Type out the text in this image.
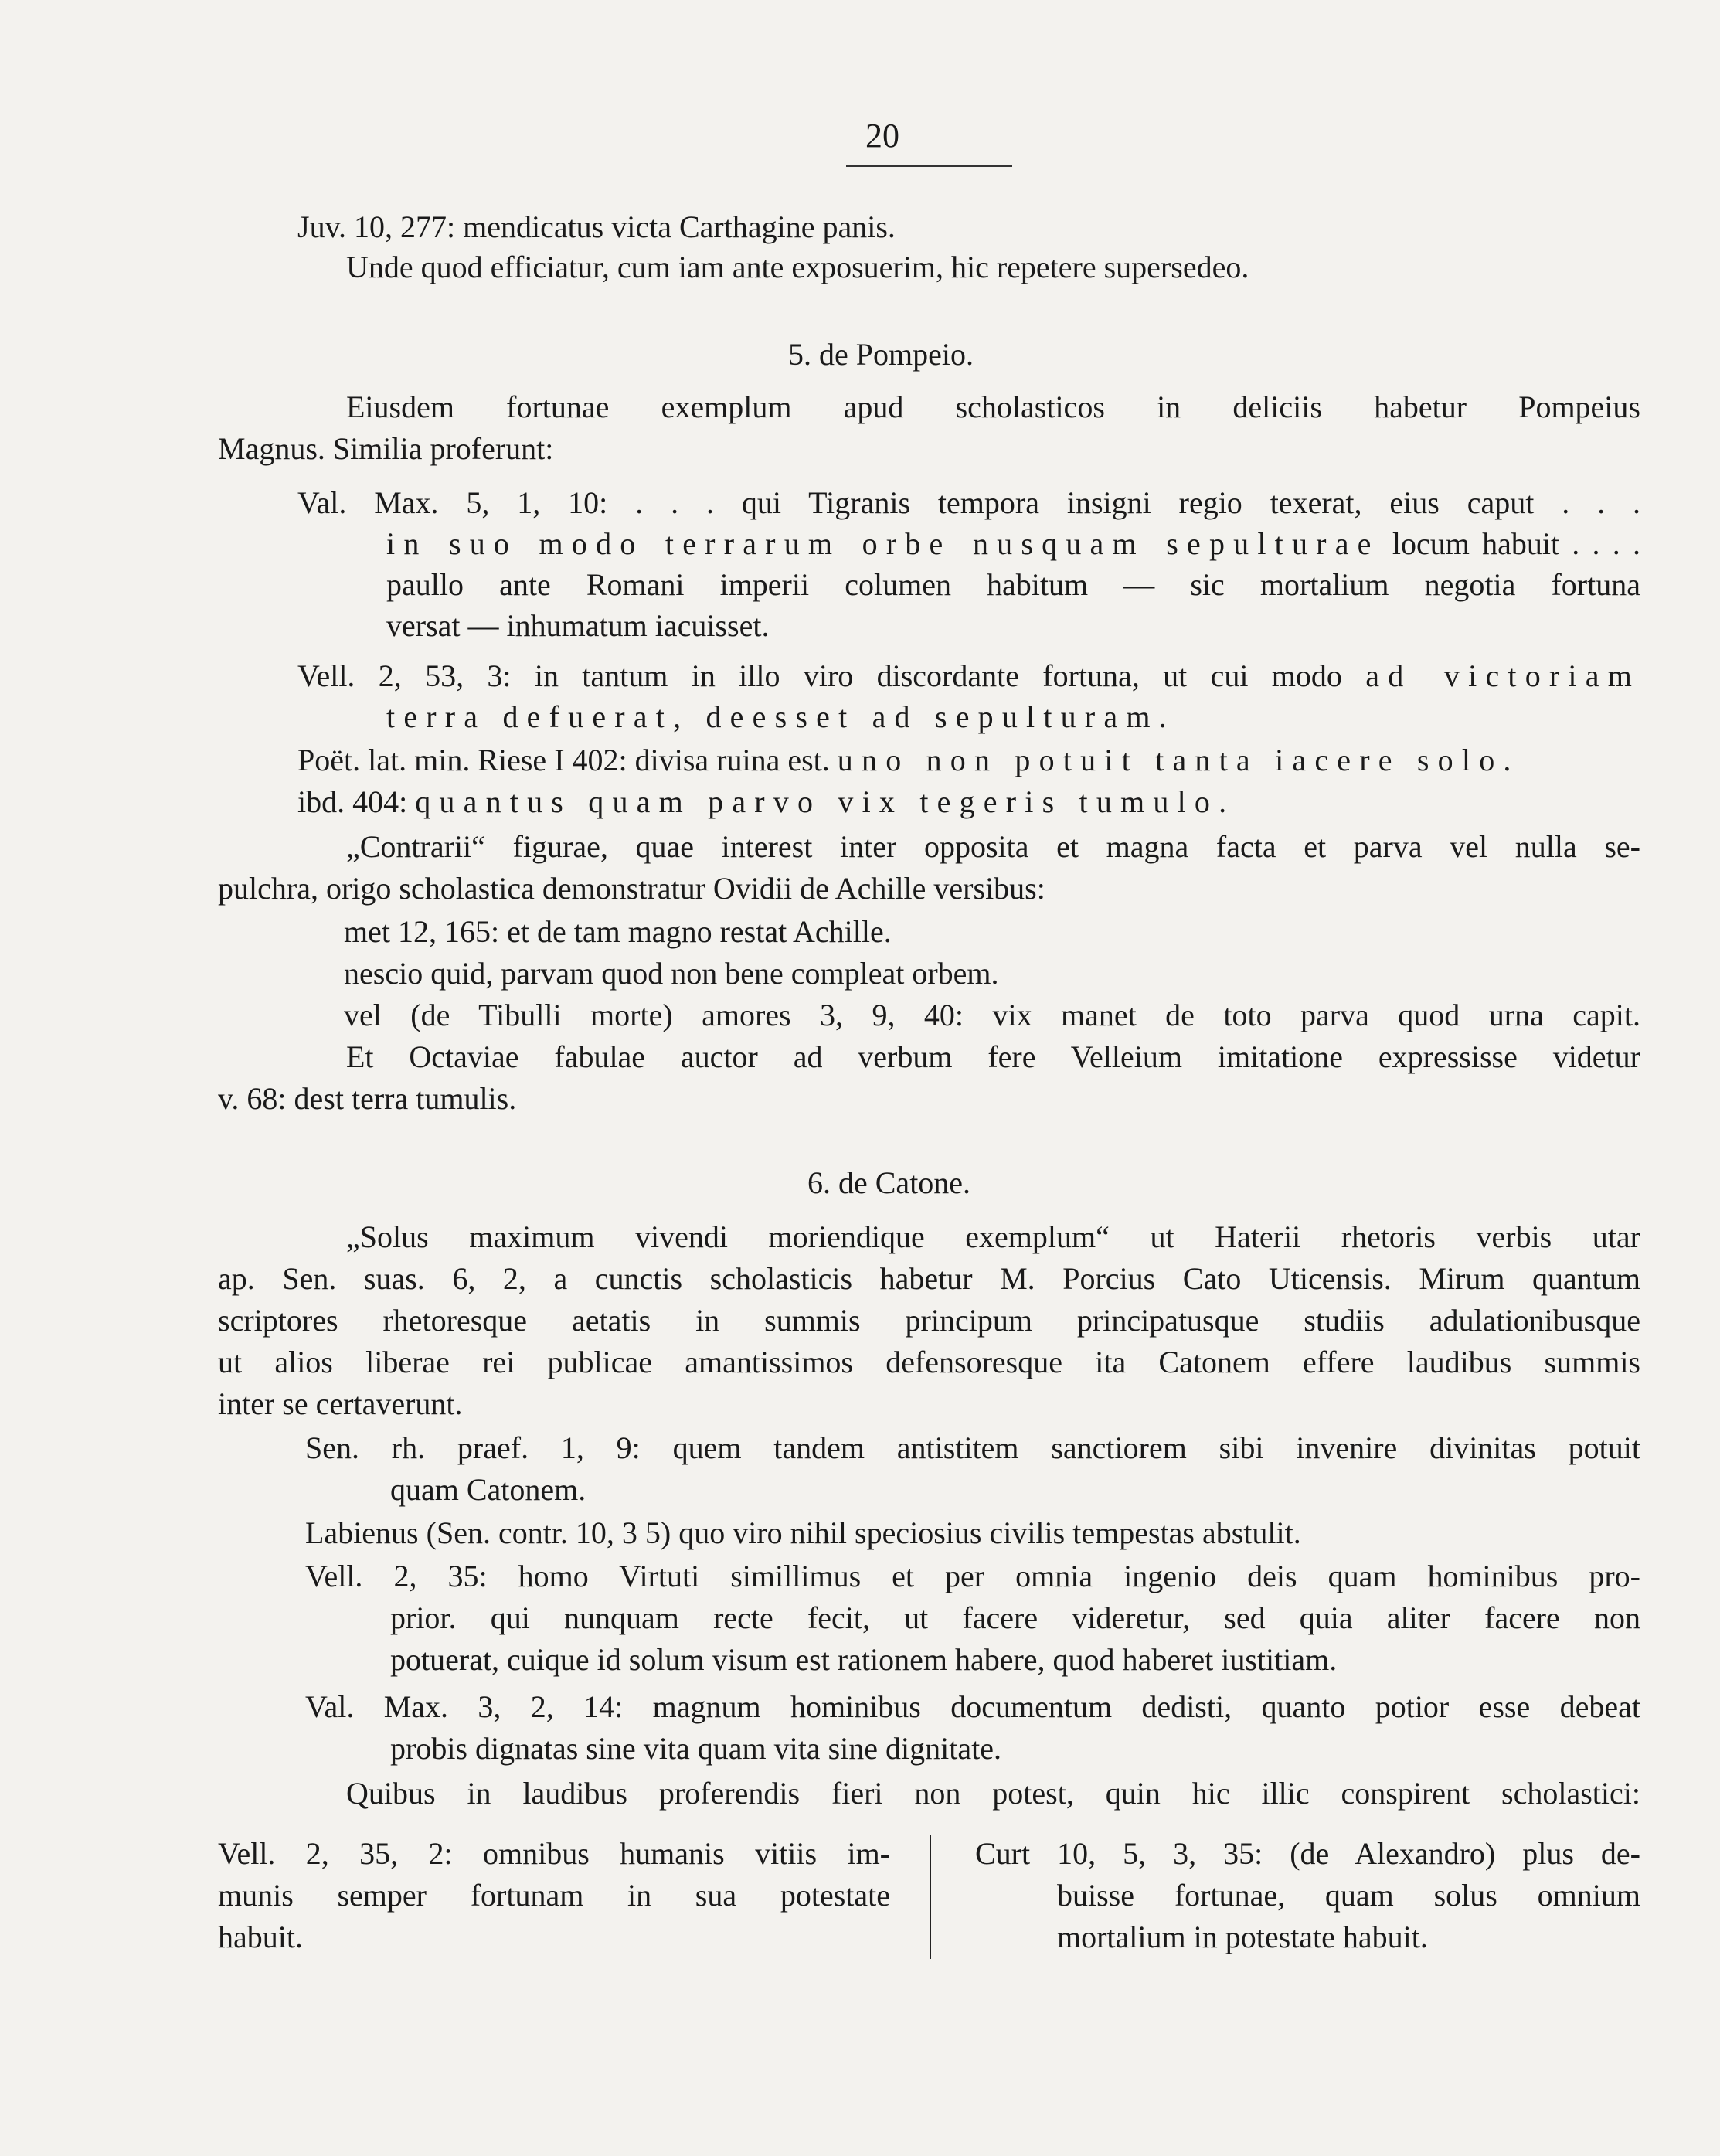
20
Juv. 10, 277: mendicatus victa Carthagine panis.
Unde quod efficiatur, cum iam ante exposuerim, hic repetere supersedeo.
5. de Pompeio.
Eiusdem fortunae exemplum apud scholasticos in deliciis habetur Pompeius
Magnus. Similia proferunt:
Val. Max. 5, 1, 10: . . . qui Tigranis tempora insigni regio texerat, eius caput . . .
in suo modo terrarum orbe nusquam sepulturae locum habuit . . . .
paullo ante Romani imperii columen habitum — sic mortalium negotia fortuna
versat — inhumatum iacuisset.
Vell. 2, 53, 3: in tantum in illo viro discordante fortuna, ut cui modo ad victoriam
terra defuerat, deesset ad sepulturam.
Poët. lat. min. Riese I 402: divisa ruina est. uno non potuit tanta iacere solo.
ibd. 404: quantus quam parvo vix tegeris tumulo.
„Contrarii“ figurae, quae interest inter opposita et magna facta et parva vel nulla se-
pulchra, origo scholastica demonstratur Ovidii de Achille versibus:
met 12, 165: et de tam magno restat Achille.
nescio quid, parvam quod non bene compleat orbem.
vel (de Tibulli morte) amores 3, 9, 40: vix manet de toto parva quod urna capit.
Et Octaviae fabulae auctor ad verbum fere Velleium imitatione expressisse videtur
v. 68: dest terra tumulis.
6. de Catone.
„Solus maximum vivendi moriendique exemplum“ ut Haterii rhetoris verbis utar
ap. Sen. suas. 6, 2, a cunctis scholasticis habetur M. Porcius Cato Uticensis. Mirum quantum
scriptores rhetoresque aetatis in summis principum principatusque studiis adulationibusque
ut alios liberae rei publicae amantissimos defensoresque ita Catonem effere laudibus summis
inter se certaverunt.
Sen. rh. praef. 1, 9: quem tandem antistitem sanctiorem sibi invenire divinitas potuit
quam Catonem.
Labienus (Sen. contr. 10, 3 5) quo viro nihil speciosius civilis tempestas abstulit.
Vell. 2, 35: homo Virtuti simillimus et per omnia ingenio deis quam hominibus pro-
prior. qui nunquam recte fecit, ut facere videretur, sed quia aliter facere non
potuerat, cuique id solum visum est rationem habere, quod haberet iustitiam.
Val. Max. 3, 2, 14: magnum hominibus documentum dedisti, quanto potior esse debeat
probis dignatas sine vita quam vita sine dignitate.
Quibus in laudibus proferendis fieri non potest, quin hic illic conspirent scholastici:
Vell. 2, 35, 2: omnibus humanis vitiis im-
munis semper fortunam in sua potestate
habuit.
Curt 10, 5, 3, 35: (de Alexandro) plus de-
buisse fortunae, quam solus omnium
mortalium in potestate habuit.
